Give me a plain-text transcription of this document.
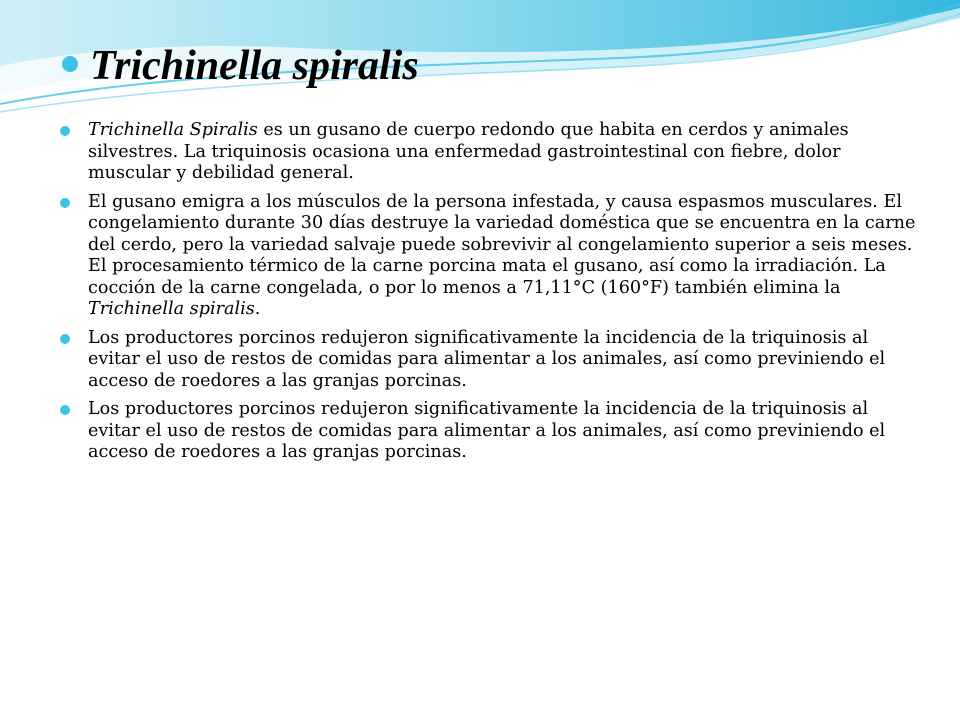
Trichinella spiralis
Trichinella Spiralis es un gusano de cuerpo redondo que habita en cerdos y animales silvestres. La triquinosis ocasiona una enfermedad gastrointestinal con fiebre, dolor muscular y debilidad general.
El gusano emigra a los músculos de la persona infestada, y causa espasmos musculares. El congelamiento durante 30 días destruye la variedad doméstica que se encuentra en la carne del cerdo, pero la variedad salvaje puede sobrevivir al congelamiento superior a seis meses. El procesamiento térmico de la carne porcina mata el gusano, así como la irradiación. La cocción de la carne congelada, o por lo menos a 71,11°C (160°F) también elimina la Trichinella spiralis.
Los productores porcinos redujeron significativamente la incidencia de la triquinosis al evitar el uso de restos de comidas para alimentar a los animales, así como previniendo el acceso de roedores a las granjas porcinas.
Los productores porcinos redujeron significativamente la incidencia de la triquinosis al evitar el uso de restos de comidas para alimentar a los animales, así como previniendo el acceso de roedores a las granjas porcinas.
